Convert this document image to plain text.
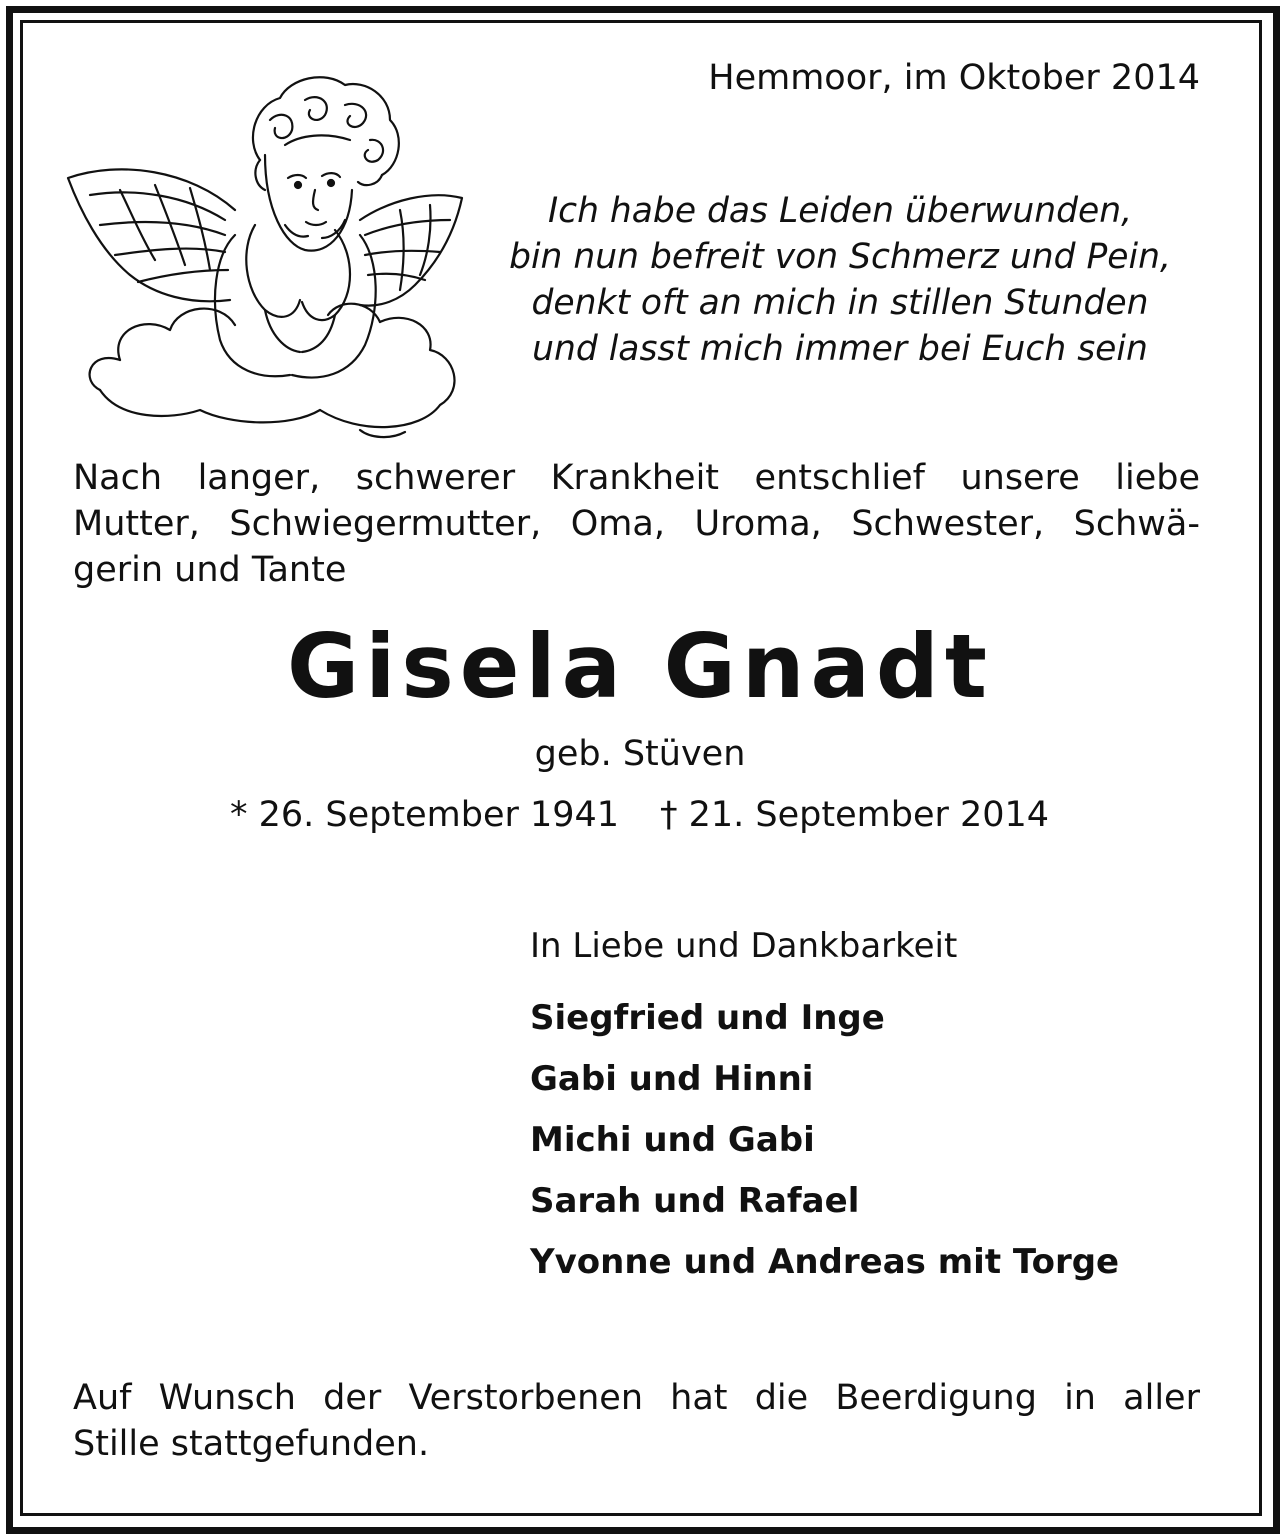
Hemmoor, im Oktober 2014
Ich habe das Leiden überwunden,
bin nun befreit von Schmerz und Pein,
denkt oft an mich in stillen Stunden
und lasst mich immer bei Euch sein
Nach langer, schwerer Krankheit entschlief unsere liebe
Mutter, Schwiegermutter, Oma, Uroma, Schwester, Schwä-
gerin und Tante
Gisela Gnadt
geb. Stüven
* 26. September 1941 † 21. September 2014
In Liebe und Dankbarkeit
Siegfried und Inge
Gabi und Hinni
Michi und Gabi
Sarah und Rafael
Yvonne und Andreas mit Torge
Auf Wunsch der Verstorbenen hat die Beerdigung in aller
Stille stattgefunden.
